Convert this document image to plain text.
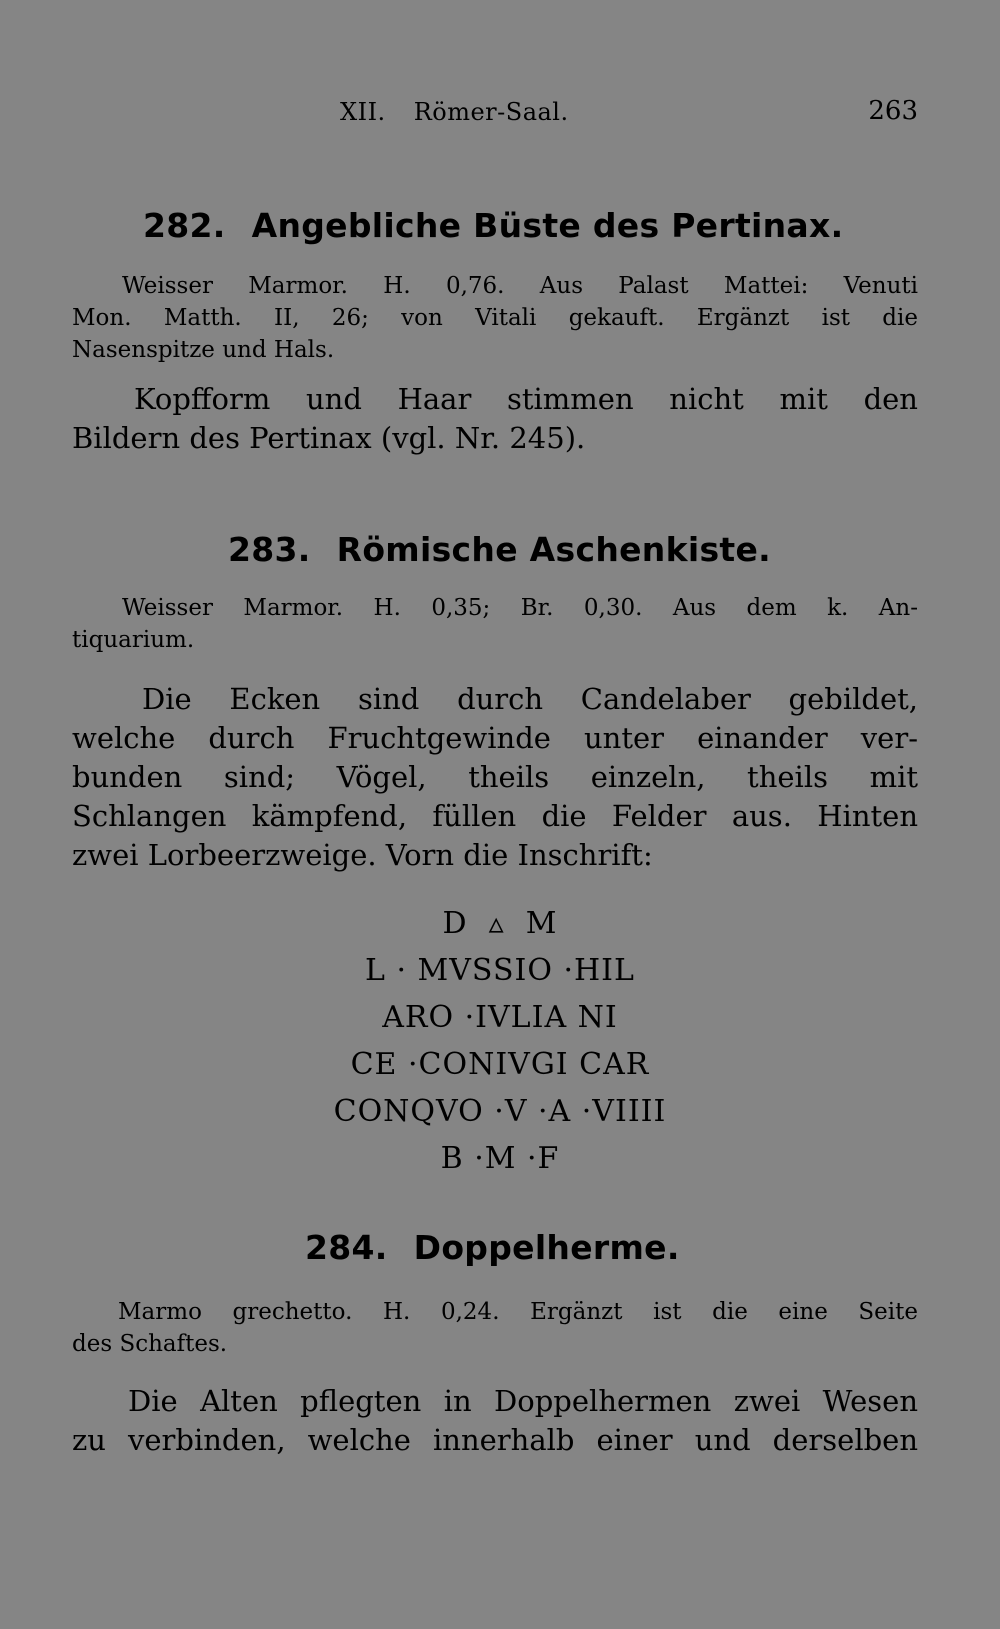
XII. Römer-Saal.	263
282. Angebliche Büste des Pertinax.
Weisser Marmor. H. 0,76. Aus Palast Mattei: Venuti
Mon. Matth. II, 26; von Vitali gekauft. Ergänzt ist die
Nasenspitze und Hals.
Kopfform und Haar stimmen nicht mit den
Bildern des Pertinax (vgl. Nr. 245).
283. Römische Aschenkiste.
Weisser Marmor. H. 0,35; Br. 0,30. Aus dem k. An-
tiquarium.
Die Ecken sind durch Candelaber gebildet,
welche durch Fruchtgewinde unter einander ver-
bunden sind; Vögel, theils einzeln, theils mit
Schlangen kämpfend, füllen die Felder aus. Hinten
zwei Lorbeerzweige. Vorn die Inschrift:
D  ▵  M
L · MVSSIO ·HIL
ARO ·IVLIA NI
CE ·CONIVGI CAR
CONQVO ·V ·A ·VIIII
B ·M ·F
284. Doppelherme.
Marmo grechetto. H. 0,24. Ergänzt ist die eine Seite
des Schaftes.
Die Alten pflegten in Doppelhermen zwei Wesen
zu verbinden, welche innerhalb einer und derselben
